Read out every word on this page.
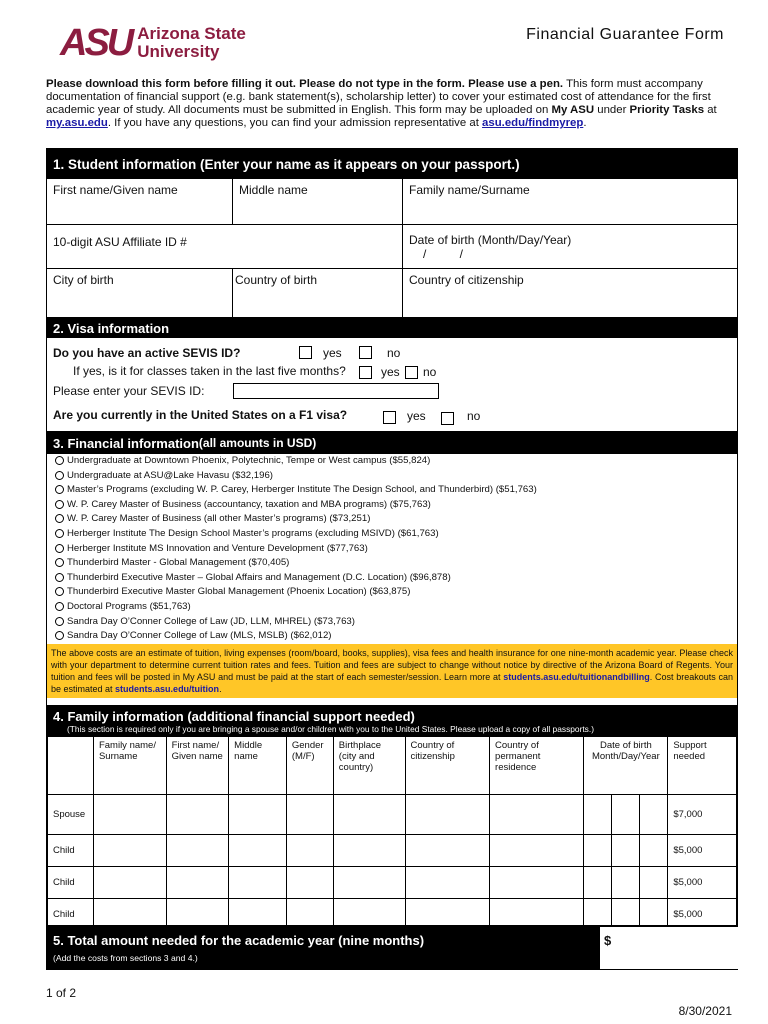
ASU Arizona State
University
Financial Guarantee Form
Please download this form before filling it out. Please do not type in the form. Please use a pen. This form must accompany documentation of financial support (e.g. bank statement(s), scholarship letter) to cover your estimated cost of attendance for the first academic year of study. All documents must be submitted in English. This form may be uploaded on My ASU under Priority Tasks at my.asu.edu. If you have any questions, you can find your admission representative at asu.edu/findmyrep.
1. Student information (Enter your name as it appears on your passport.)
First name/Given name	Middle name	Family name/Surname
10-digit ASU Affiliate ID #	Date of birth (Month/Day/Year)
/          /
City of birth	Country of birth	Country of citizenship
2. Visa information
Do you have an active SEVIS ID?	yes	no
If yes, is it for classes taken in the last five months?	yes no
Please enter your SEVIS ID:
Are you currently in the United States on a F1 visa?	yes	no
3. Financial information (all amounts in USD)
Undergraduate at Downtown Phoenix, Polytechnic, Tempe or West campus ($55,824)
Undergraduate at ASU@Lake Havasu ($32,196)
Master’s Programs (excluding W. P. Carey, Herberger Institute The Design School, and Thunderbird) ($51,763)
W. P. Carey Master of Business (accountancy, taxation and MBA programs) ($75,763)
W. P. Carey Master of Business (all other Master’s programs) ($73,251)
Herberger Institute The Design School Master’s programs (excluding MSIVD) ($61,763)
Herberger Institute MS Innovation and Venture Development ($77,763)
Thunderbird Master - Global Management ($70,405)
Thunderbird Executive Master – Global Affairs and Management (D.C. Location) ($96,878)
Thunderbird Executive Master Global Management (Phoenix Location) ($63,875)
Doctoral Programs ($51,763)
Sandra Day O’Conner College of Law (JD, LLM, MHREL) ($73,763)
Sandra Day O’Conner College of Law (MLS, MSLB) ($62,012)
The above costs are an estimate of tuition, living expenses (room/board, books, supplies), visa fees and health insurance for one nine-month academic year. Please check with your department to determine current tuition rates and fees. Tuition and fees are subject to change without notice by directive of the Arizona Board of Regents. Your tuition and fees will be posted in My ASU and must be paid at the start of each semester/session. Learn more at students.asu.edu/tuitionandbilling. Cost breakouts can be estimated at students.asu.edu/tuition.
4. Family information (additional financial support needed)
(This section is required only if you are bringing a spouse and/or children with you to the United States. Please upload a copy of all passports.)
	Family name/ Surname	First name/ Given name	Middle name	Gender (M/F)	Birthplace (city and country)	Country of citizenship	Country of permanent residence	Date of birth Month/Day/Year			Support needed
Spouse											$7,000
Child											$5,000
Child											$5,000
Child											$5,000
5. Total amount needed for the academic year (nine months)
(Add the costs from sections 3 and 4.)
$
1 of 2
8/30/2021
